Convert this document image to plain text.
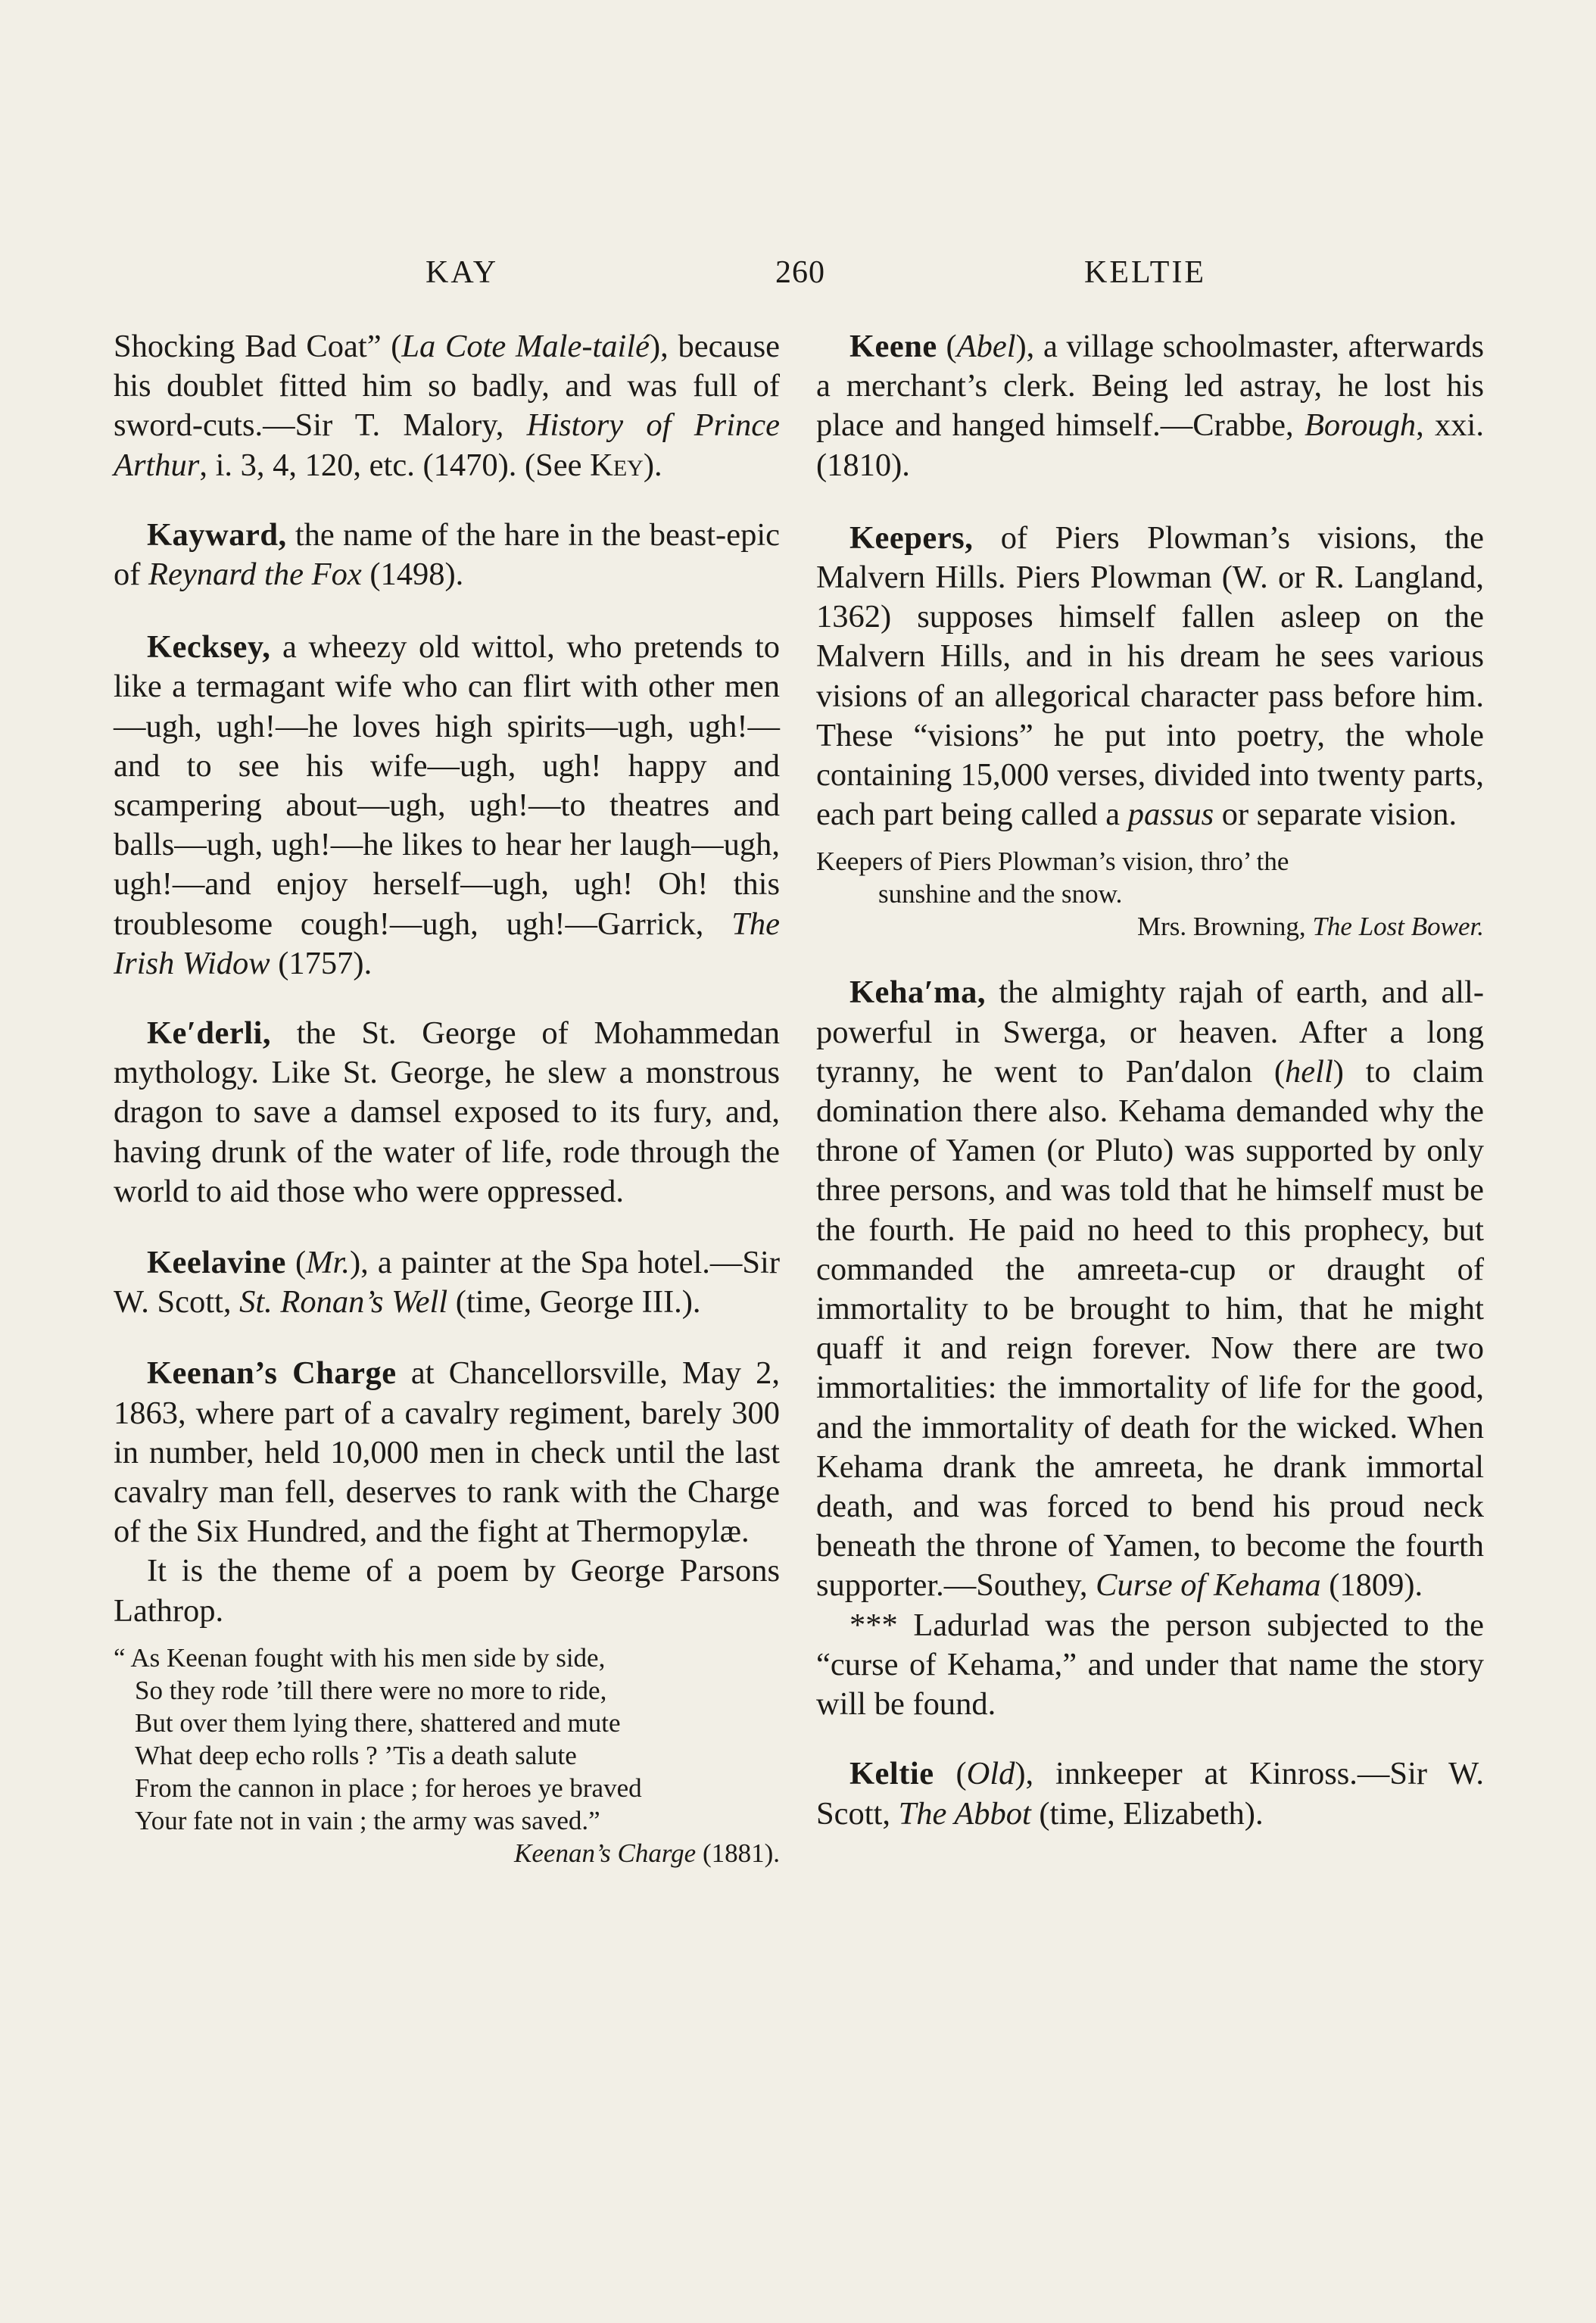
KAY	260	KELTIE
Shocking Bad Coat” (La Cote Male-tailé), because his doublet fitted him so badly, and was full of sword-cuts.—Sir T. Malory, History of Prince Arthur, i. 3, 4, 120, etc. (1470). (See Key).
Kayward, the name of the hare in the beast-epic of Reynard the Fox (1498).
Kecksey, a wheezy old wittol, who pretends to like a termagant wife who can flirt with other men—ugh, ugh!—he loves high spirits—ugh, ugh!—and to see his wife—ugh, ugh! happy and scampering about—ugh, ugh!—to theatres and balls—ugh, ugh!—he likes to hear her laugh—ugh, ugh!—and enjoy herself—ugh, ugh! Oh! this troublesome cough!—ugh, ugh!—Garrick, The Irish Widow (1757).
Ke′derli, the St. George of Mohammedan mythology. Like St. George, he slew a monstrous dragon to save a damsel exposed to its fury, and, having drunk of the water of life, rode through the world to aid those who were oppressed.
Keelavine (Mr.), a painter at the Spa hotel.—Sir W. Scott, St. Ronan’s Well (time, George III.).
Keenan’s Charge at Chancellorsville, May 2, 1863, where part of a cavalry regiment, barely 300 in number, held 10,000 men in check until the last cavalry man fell, deserves to rank with the Charge of the Six Hundred, and the fight at Thermopylæ.
It is the theme of a poem by George Parsons Lathrop.
“ As Keenan fought with his men side by side,
So they rode ’till there were no more to ride,
But over them lying there, shattered and mute
What deep echo rolls ? ’Tis a death salute
From the cannon in place ; for heroes ye braved
Your fate not in vain ; the army was saved.”
Keenan’s Charge (1881).
Keene (Abel), a village schoolmaster, afterwards a merchant’s clerk. Being led astray, he lost his place and hanged himself.—Crabbe, Borough, xxi. (1810).
Keepers, of Piers Plowman’s visions, the Malvern Hills. Piers Plowman (W. or R. Langland, 1362) supposes himself fallen asleep on the Malvern Hills, and in his dream he sees various visions of an allegorical character pass before him. These “visions” he put into poetry, the whole containing 15,000 verses, divided into twenty parts, each part being called a passus or separate vision.
Keepers of Piers Plowman’s vision, thro’ the
sunshine and the snow.
Mrs. Browning, The Lost Bower.
Keha′ma, the almighty rajah of earth, and all-powerful in Swerga, or heaven. After a long tyranny, he went to Pan′dalon (hell) to claim domination there also. Kehama demanded why the throne of Yamen (or Pluto) was supported by only three persons, and was told that he himself must be the fourth. He paid no heed to this prophecy, but commanded the amreeta-cup or draught of immortality to be brought to him, that he might quaff it and reign forever. Now there are two immortalities: the immortality of life for the good, and the immortality of death for the wicked. When Kehama drank the amreeta, he drank immortal death, and was forced to bend his proud neck beneath the throne of Yamen, to become the fourth supporter.—Southey, Curse of Kehama (1809).
*** Ladurlad was the person subjected to the “curse of Kehama,” and under that name the story will be found.
Keltie (Old), innkeeper at Kinross.—Sir W. Scott, The Abbot (time, Elizabeth).
